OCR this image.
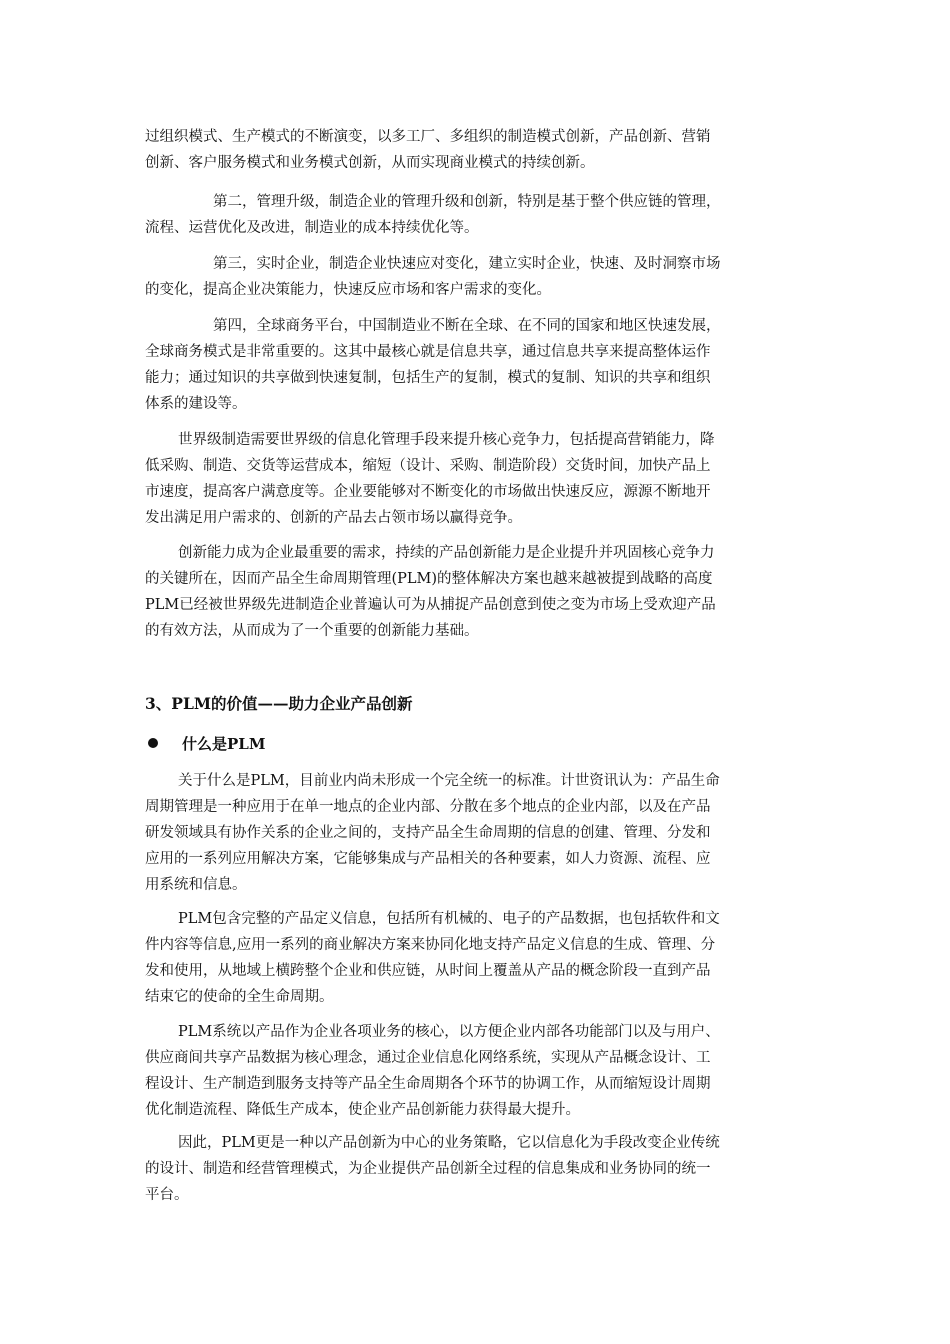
过组织模式、生产模式的不断演变，以多工厂、多组织的制造模式创新，产品创新、营销
创新、客户服务模式和业务模式创新，从而实现商业模式的持续创新。

第二，管理升级，制造企业的管理升级和创新，特别是基于整个供应链的管理，
流程、运营优化及改进，制造业的成本持续优化等。

第三，实时企业，制造企业快速应对变化，建立实时企业，快速、及时洞察市场
的变化，提高企业决策能力，快速反应市场和客户需求的变化。

第四，全球商务平台，中国制造业不断在全球、在不同的国家和地区快速发展，
全球商务模式是非常重要的。这其中最核心就是信息共享，通过信息共享来提高整体运作
能力；通过知识的共享做到快速复制，包括生产的复制，模式的复制、知识的共享和组织
体系的建设等。

世界级制造需要世界级的信息化管理手段来提升核心竞争力，包括提高营销能力，降
低采购、制造、交货等运营成本，缩短（设计、采购、制造阶段）交货时间，加快产品上
市速度，提高客户满意度等。企业要能够对不断变化的市场做出快速反应，源源不断地开
发出满足用户需求的、创新的产品去占领市场以赢得竞争。

创新能力成为企业最重要的需求，持续的产品创新能力是企业提升并巩固核心竞争力
的关键所在，因而产品全生命周期管理(PLM)的整体解决方案也越来越被提到战略的高度
PLM已经被世界级先进制造企业普遍认可为从捕捉产品创意到使之变为市场上受欢迎产品
的有效方法，从而成为了一个重要的创新能力基础。

3、PLM的价值——助力企业产品创新
什么是PLM

关于什么是PLM，目前业内尚未形成一个完全统一的标准。计世资讯认为：产品生命
周期管理是一种应用于在单一地点的企业内部、分散在多个地点的企业内部，以及在产品
研发领域具有协作关系的企业之间的，支持产品全生命周期的信息的创建、管理、分发和
应用的一系列应用解决方案，它能够集成与产品相关的各种要素，如人力资源、流程、应
用系统和信息。

PLM包含完整的产品定义信息，包括所有机械的、电子的产品数据，也包括软件和文
件内容等信息,应用一系列的商业解决方案来协同化地支持产品定义信息的生成、管理、分
发和使用，从地域上横跨整个企业和供应链，从时间上覆盖从产品的概念阶段一直到产品
结束它的使命的全生命周期。

PLM系统以产品作为企业各项业务的核心，以方便企业内部各功能部门以及与用户、
供应商间共享产品数据为核心理念，通过企业信息化网络系统，实现从产品概念设计、工
程设计、生产制造到服务支持等产品全生命周期各个环节的协调工作，从而缩短设计周期
优化制造流程、降低生产成本，使企业产品创新能力获得最大提升。

因此，PLM更是一种以产品创新为中心的业务策略，它以信息化为手段改变企业传统
的设计、制造和经营管理模式，为企业提供产品创新全过程的信息集成和业务协同的统一
平台。
